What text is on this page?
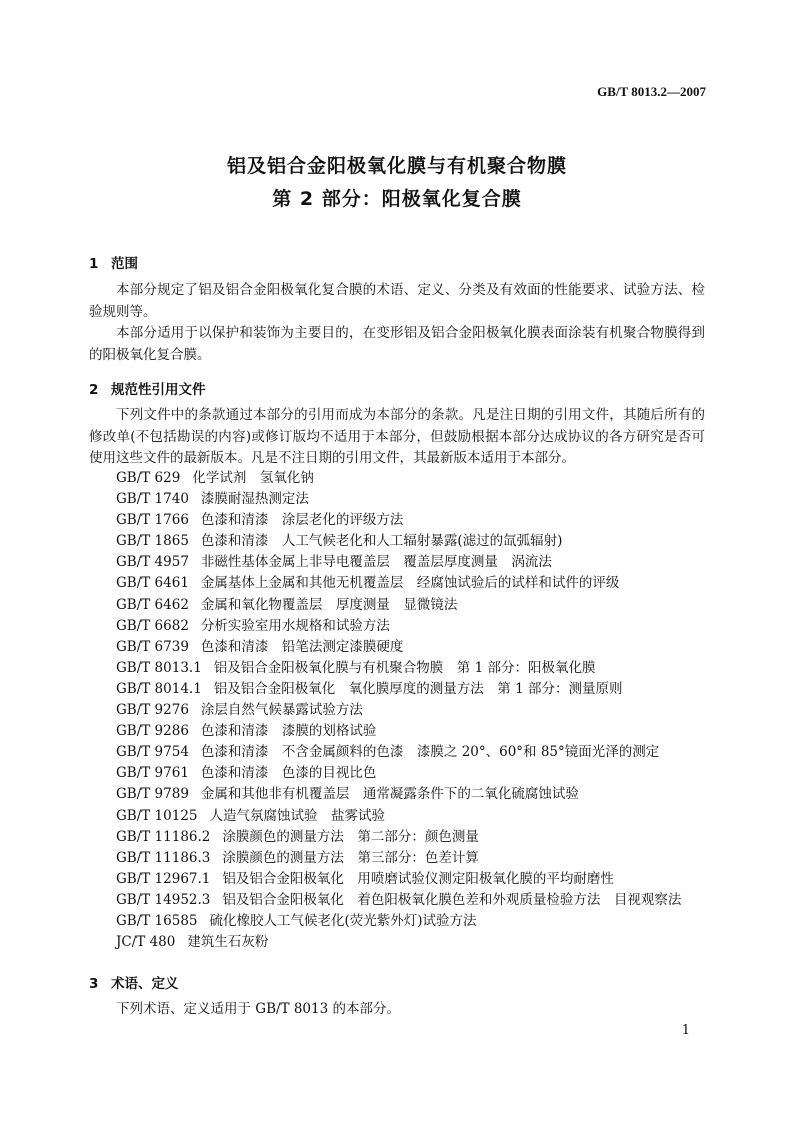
GB/T 8013.2—2007
铝及铝合金阳极氧化膜与有机聚合物膜
第 2 部分：阳极氧化复合膜
1 范围
本部分规定了铝及铝合金阳极氧化复合膜的术语、定义、分类及有效面的性能要求、试验方法、检验规则等。
本部分适用于以保护和装饰为主要目的，在变形铝及铝合金阳极氧化膜表面涂装有机聚合物膜得到的阳极氧化复合膜。
2 规范性引用文件
下列文件中的条款通过本部分的引用而成为本部分的条款。凡是注日期的引用文件，其随后所有的修改单(不包括勘误的内容)或修订版均不适用于本部分，但鼓励根据本部分达成协议的各方研究是否可使用这些文件的最新版本。凡是不注日期的引用文件，其最新版本适用于本部分。
GB/T 629 化学试剂　氢氧化钠
GB/T 1740 漆膜耐湿热测定法
GB/T 1766 色漆和清漆　涂层老化的评级方法
GB/T 1865 色漆和清漆　人工气候老化和人工辐射暴露(滤过的氙弧辐射)
GB/T 4957 非磁性基体金属上非导电覆盖层　覆盖层厚度测量　涡流法
GB/T 6461 金属基体上金属和其他无机覆盖层　经腐蚀试验后的试样和试件的评级
GB/T 6462 金属和氧化物覆盖层　厚度测量　显微镜法
GB/T 6682 分析实验室用水规格和试验方法
GB/T 6739 色漆和清漆　铅笔法测定漆膜硬度
GB/T 8013.1 铝及铝合金阳极氧化膜与有机聚合物膜　第 1 部分：阳极氧化膜
GB/T 8014.1 铝及铝合金阳极氧化　氧化膜厚度的测量方法　第 1 部分：测量原则
GB/T 9276 涂层自然气候暴露试验方法
GB/T 9286 色漆和清漆　漆膜的划格试验
GB/T 9754 色漆和清漆　不含金属颜料的色漆　漆膜之 20°、60°和 85°镜面光泽的测定
GB/T 9761 色漆和清漆　色漆的目视比色
GB/T 9789 金属和其他非有机覆盖层　通常凝露条件下的二氧化硫腐蚀试验
GB/T 10125 人造气氛腐蚀试验　盐雾试验
GB/T 11186.2 涂膜颜色的测量方法　第二部分：颜色测量
GB/T 11186.3 涂膜颜色的测量方法　第三部分：色差计算
GB/T 12967.1 铝及铝合金阳极氧化　用喷磨试验仪测定阳极氧化膜的平均耐磨性
GB/T 14952.3 铝及铝合金阳极氧化　着色阳极氧化膜色差和外观质量检验方法　目视观察法
GB/T 16585 硫化橡胶人工气候老化(荧光紫外灯)试验方法
JC/T 480 建筑生石灰粉
3 术语、定义
下列术语、定义适用于 GB/T 8013 的本部分。
1
